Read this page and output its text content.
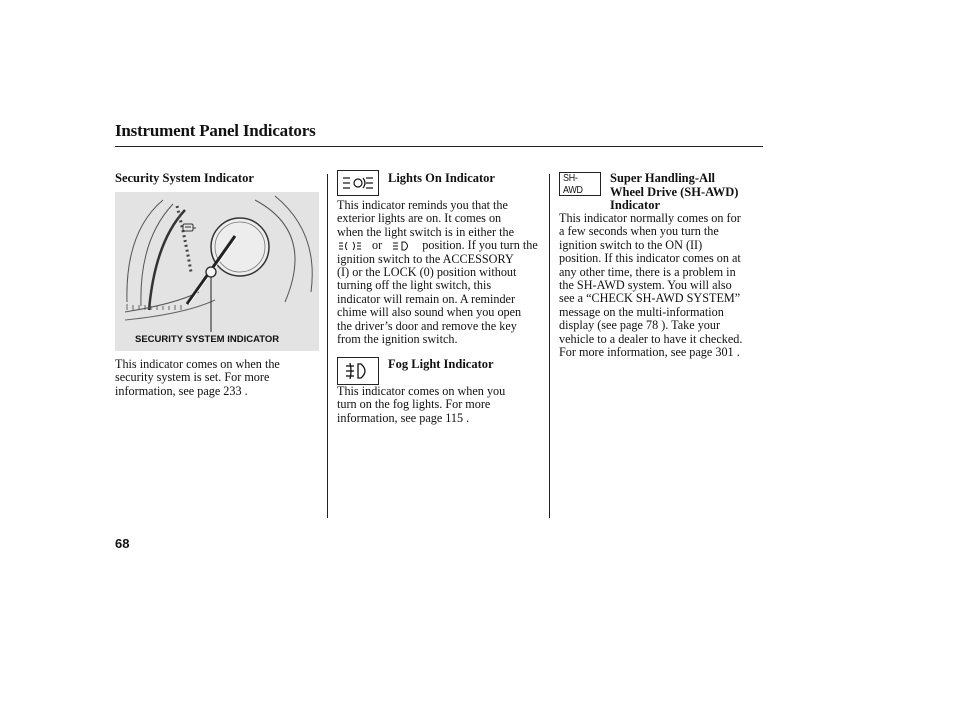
Instrument Panel Indicators
Security System Indicator
SECURITY SYSTEM INDICATOR
This indicator comes on when the
security system is set. For more
information, see page 233 .
Lights On Indicator
This indicator reminds you that the
exterior lights are on. It comes on
when the light switch is in either the
or	position. If you turn the
ignition switch to the ACCESSORY
(I) or the LOCK (0) position without
turning off the light switch, this
indicator will remain on. A reminder
chime will also sound when you open
the driver’s door and remove the key
from the ignition switch.
Fog Light Indicator
This indicator comes on when you
turn on the fog lights. For more
information, see page 115 .
SH-AWD
Super Handling-All
Wheel Drive (SH-AWD)
Indicator
This indicator normally comes on for
a few seconds when you turn the
ignition switch to the ON (II)
position. If this indicator comes on at
any other time, there is a problem in
the SH-AWD system. You will also
see a “CHECK SH-AWD SYSTEM”
message on the multi-information
display (see page 78 ). Take your
vehicle to a dealer to have it checked.
For more information, see page 301 .
68
